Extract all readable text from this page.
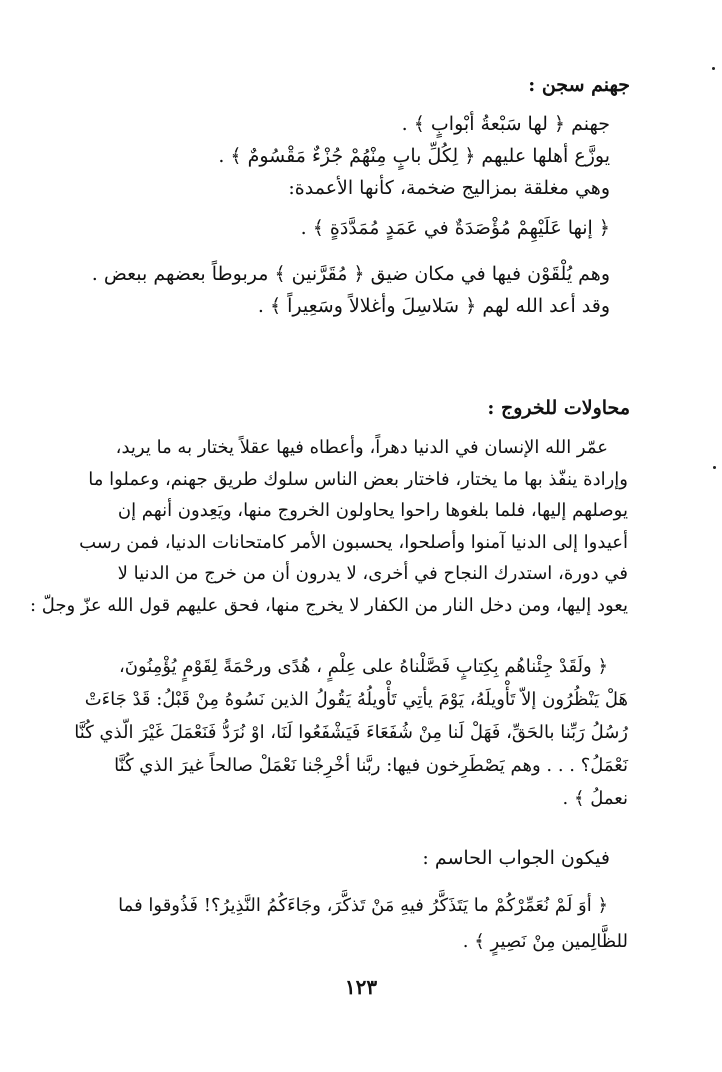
جهنم سجن :

جهنم ﴿ لها سَبْعةُ أبْوابٍ ﴾ .

يوزَّع أهلها عليهم ﴿ لِكُلِّ بابٍ مِنْهُمْ جُزْءٌ مَقْسُومٌ ﴾ .

وهي مغلقة بمزاليج ضخمة، كأنها الأعمدة:

﴿ إنها عَلَيْهِمْ مُؤْصَدَةٌ في عَمَدٍ مُمَدَّدَةٍ ﴾ .

وهم يُلْقَوْن فيها في مكان ضيق ﴿ مُقَرَّنين ﴾ مربوطاً بعضهم ببعض .

وقد أعد الله لهم ﴿ سَلاسِلَ وأغلالاً وسَعِيراً ﴾ .

محاولات للخروج :
عمّر الله الإنسان في الدنيا دهراً، وأعطاه فيها عقلاً يختار به ما يريد،
وإرادة ينفّذ بها ما يختار، فاختار بعض الناس سلوك طريق جهنم، وعملوا ما
يوصلهم إليها، فلما بلغوها راحوا يحاولون الخروج منها، ويَعِدون أنهم إن
أعيدوا إلى الدنيا آمنوا وأصلحوا، يحسبون الأمر كامتحانات الدنيا، فمن رسب
في دورة، استدرك النجاح في أخرى، لا يدرون أن من خرج من الدنيا لا
يعود إليها، ومن دخل النار من الكفار لا يخرج منها، فحق عليهم قول الله عزّ وجلّ :
﴿ ولَقَدْ جِئْناهُم بِكِتابٍ فَصَّلْناهُ على عِلْمٍ ، هُدًى ورحْمَةً لِقَوْمٍ يُؤْمِنُونَ،
هَلْ يَنْظُرُون إلاّ تَأْويلَهُ، يَوْمَ يأتِي تَأْويلُهُ يَقُولُ الذين نَسُوهُ مِنْ قَبْلُ: قَدْ جَاءَتْ
رُسُلُ رَبِّنا بالحَقِّ، فَهَلْ لَنا مِنْ شُفَعَاءَ فَيَشْفَعُوا لَنَا، اوْ نُرَدُّ فَنَعْمَلَ غَيْرَ الّذي كُنَّا
نَعْمَلُ؟ . . . وهم يَصْطَرِخون فيها: ربَّنا أخْرِجْنا نَعْمَلْ صالحاً غيرَ الذي كُنَّا
نعملُ ﴾ .

فيكون الجواب الحاسم :

﴿ أوَ لَمْ نُعَمِّرْكُمْ ما يَتَذَكَّرُ فيهِ مَنْ تَذكَّرَ، وجَاءَكُمُ النَّذِيرُ؟! فَذُوقوا فما
للظَّالِمين مِنْ نَصِيرٍ ﴾ .
١٢٣
